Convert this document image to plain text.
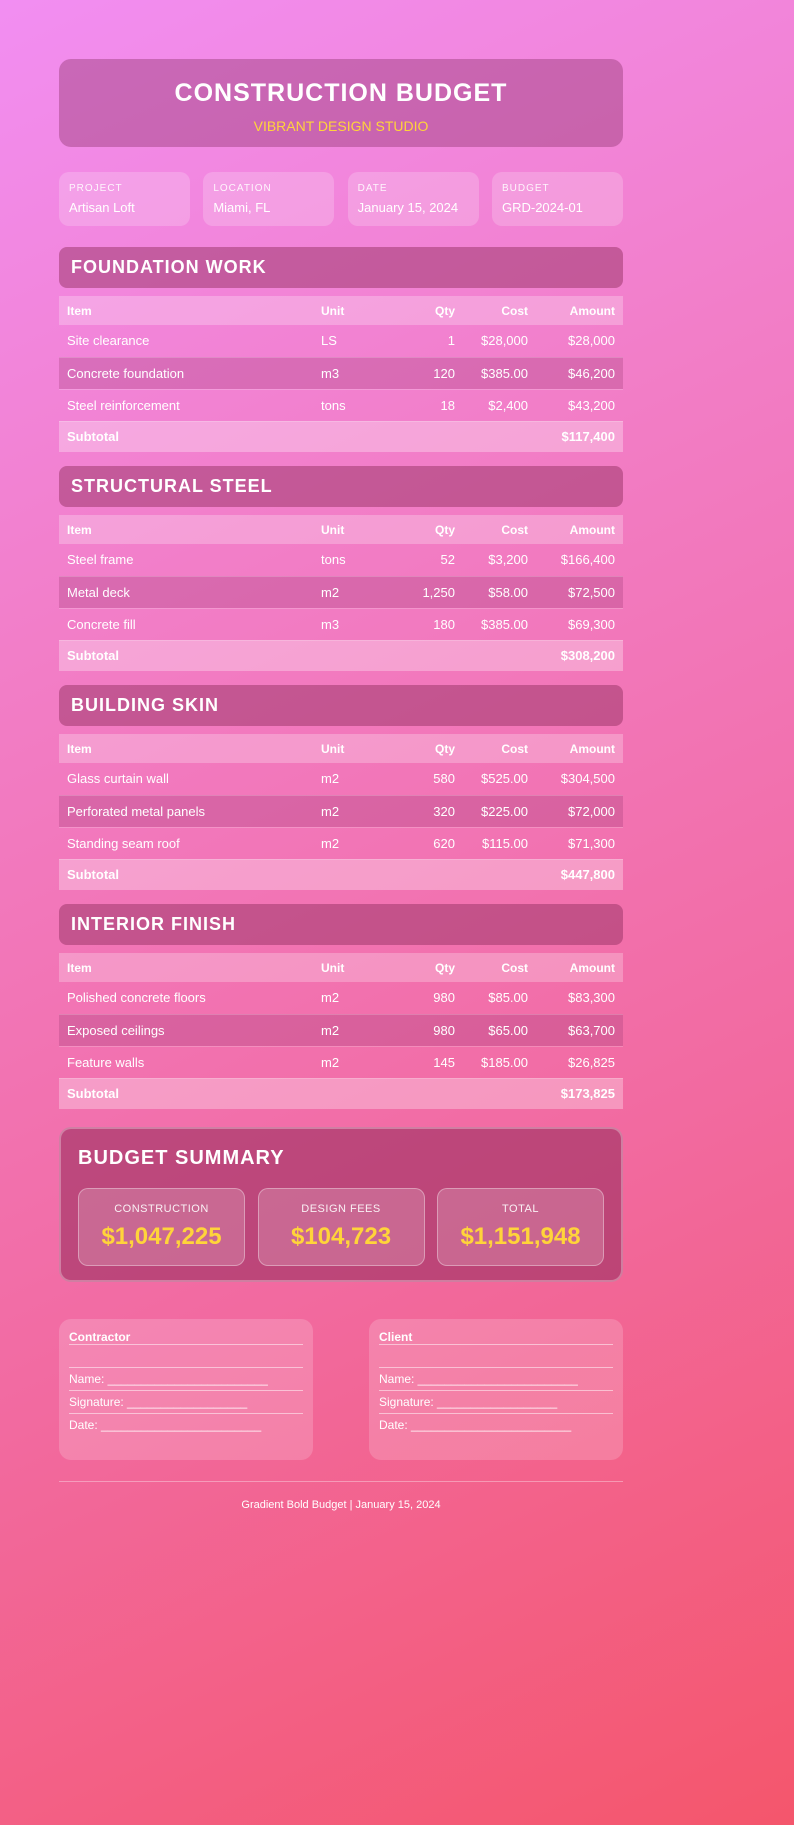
CONSTRUCTION BUDGET
VIBRANT DESIGN STUDIO
PROJECT
Artisan Loft
LOCATION
Miami, FL
DATE
January 15, 2024
BUDGET
GRD-2024-01
FOUNDATION WORK
Item	Unit	Qty	Cost	Amount
Site clearance	LS	1	$28,000	$28,000
Concrete foundation	m3	120	$385.00	$46,200
Steel reinforcement	tons	18	$2,400	$43,200
Subtotal				$117,400
STRUCTURAL STEEL
Item	Unit	Qty	Cost	Amount
Steel frame	tons	52	$3,200	$166,400
Metal deck	m2	1,250	$58.00	$72,500
Concrete fill	m3	180	$385.00	$69,300
Subtotal				$308,200
BUILDING SKIN
Item	Unit	Qty	Cost	Amount
Glass curtain wall	m2	580	$525.00	$304,500
Perforated metal panels	m2	320	$225.00	$72,000
Standing seam roof	m2	620	$115.00	$71,300
Subtotal				$447,800
INTERIOR FINISH
Item	Unit	Qty	Cost	Amount
Polished concrete floors	m2	980	$85.00	$83,300
Exposed ceilings	m2	980	$65.00	$63,700
Feature walls	m2	145	$185.00	$26,825
Subtotal				$173,825
BUDGET SUMMARY
CONSTRUCTION
$1,047,225
DESIGN FEES
$104,723
TOTAL
$1,151,948
Contractor
Name: ________________________
Signature: __________________
Date: ________________________
Client
Name: ________________________
Signature: __________________
Date: ________________________
Gradient Bold Budget | January 15, 2024
